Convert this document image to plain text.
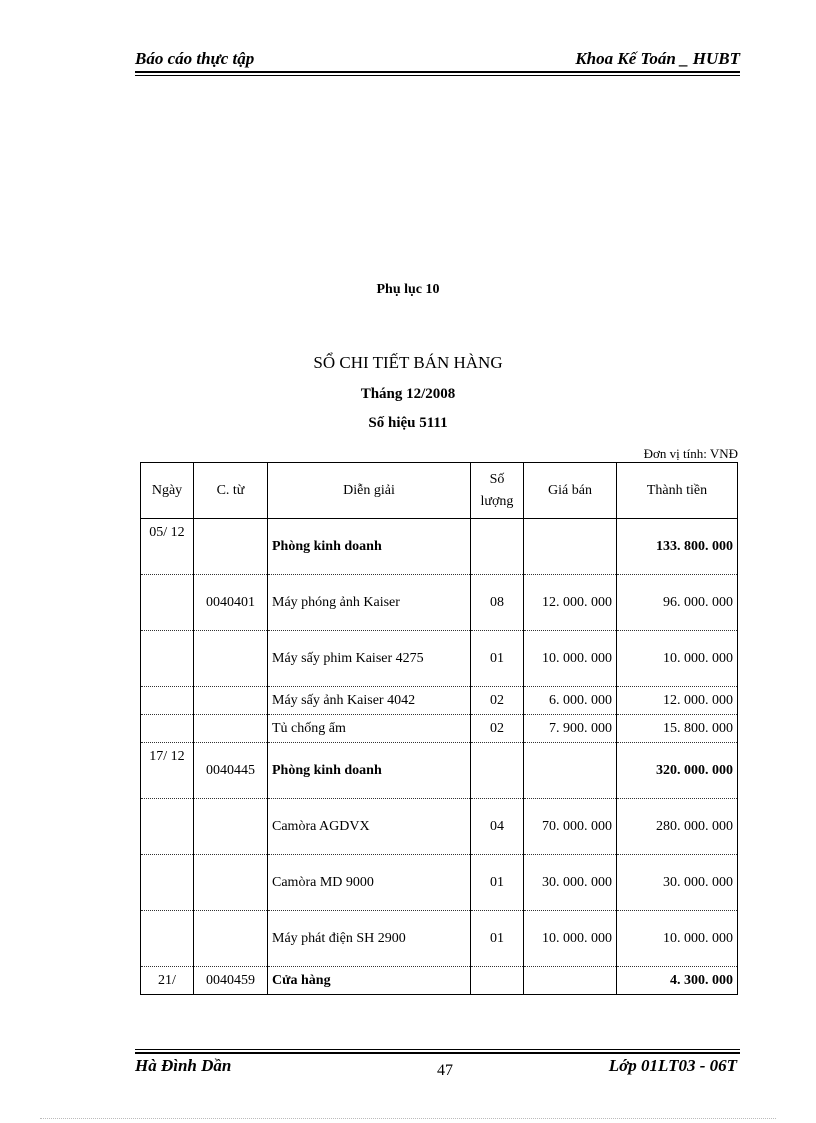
Báo cáo thực tập	Khoa Kế Toán _ HUBT
Phụ lục 10
SỔ CHI TIẾT BÁN HÀNG
Tháng 12/2008
Số hiệu 5111
Đơn vị tính: VNĐ
Ngày	C. từ	Diễn giải	Số lượng	Giá bán	Thành tiền
05/ 12		Phòng kinh doanh			133. 800. 000
	0040401	Máy phóng ảnh Kaiser	08	12. 000. 000	96. 000. 000
		Máy sấy phim Kaiser 4275	01	10. 000. 000	10. 000. 000
		Máy sấy ảnh Kaiser 4042	02	6. 000. 000	12. 000. 000
		Tủ chống ẩm	02	7. 900. 000	15. 800. 000
17/ 12	0040445	Phòng kinh doanh			320. 000. 000
		Camòra AGDVX	04	70. 000. 000	280. 000. 000
		Camòra MD 9000	01	30. 000. 000	30. 000. 000
		Máy phát điện SH 2900	01	10. 000. 000	10. 000. 000
21/	0040459	Cửa hàng			4. 300. 000
Hà Đình Dần	Lớp 01LT03 - 06T
47
